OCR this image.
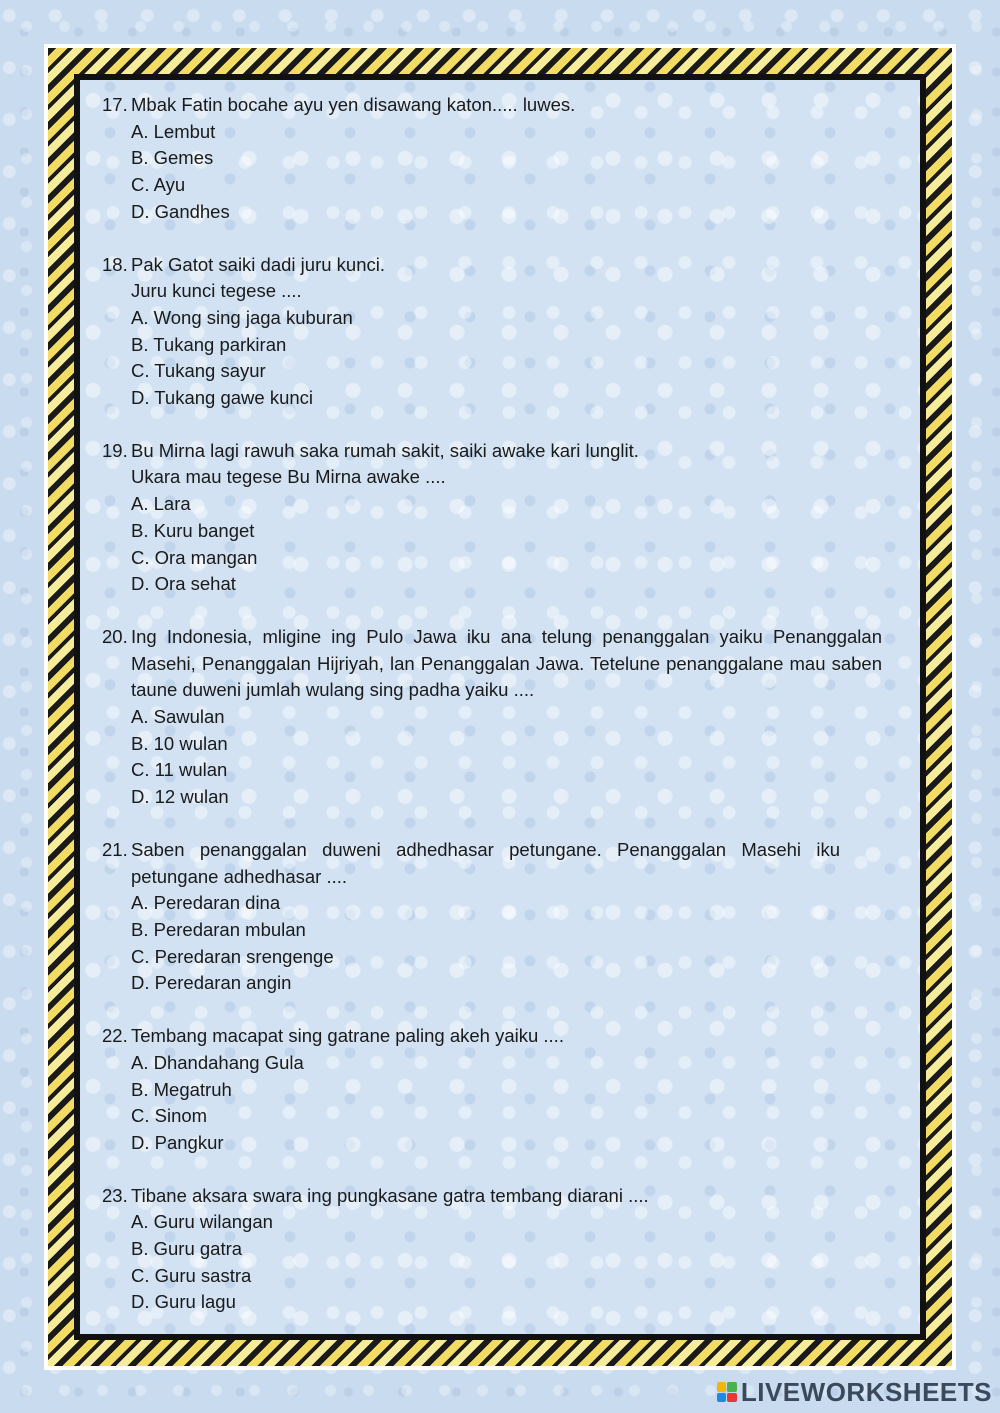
17. Mbak Fatin bocahe ayu yen disawang katon..... luwes.
A. Lembut
B. Gemes
C. Ayu
D. Gandhes
18. Pak Gatot saiki dadi juru kunci.
Juru kunci tegese ....
A. Wong sing jaga kuburan
B. Tukang parkiran
C. Tukang sayur
D. Tukang gawe kunci
19. Bu Mirna lagi rawuh saka rumah sakit, saiki awake kari lunglit.
Ukara mau tegese Bu Mirna awake ....
A. Lara
B. Kuru banget
C. Ora mangan
D. Ora sehat
20. Ing Indonesia, mligine ing Pulo Jawa iku ana telung penanggalan yaiku Penanggalan Masehi, Penanggalan Hijriyah, lan Penanggalan Jawa. Tetelune penanggalane mau saben taune duweni jumlah wulang sing padha yaiku ....
A. Sawulan
B. 10 wulan
C. 11 wulan
D. 12 wulan
21. Saben penanggalan duweni adhedhasar petungane. Penanggalan Masehi iku petungane adhedhasar ....
A. Peredaran dina
B. Peredaran mbulan
C. Peredaran srengenge
D. Peredaran angin
22. Tembang macapat sing gatrane paling akeh yaiku ....
A. Dhandahang Gula
B. Megatruh
C. Sinom
D. Pangkur
23. Tibane aksara swara ing pungkasane gatra tembang diarani ....
A. Guru wilangan
B. Guru gatra
C. Guru sastra
D. Guru lagu
LIVEWORKSHEETS
